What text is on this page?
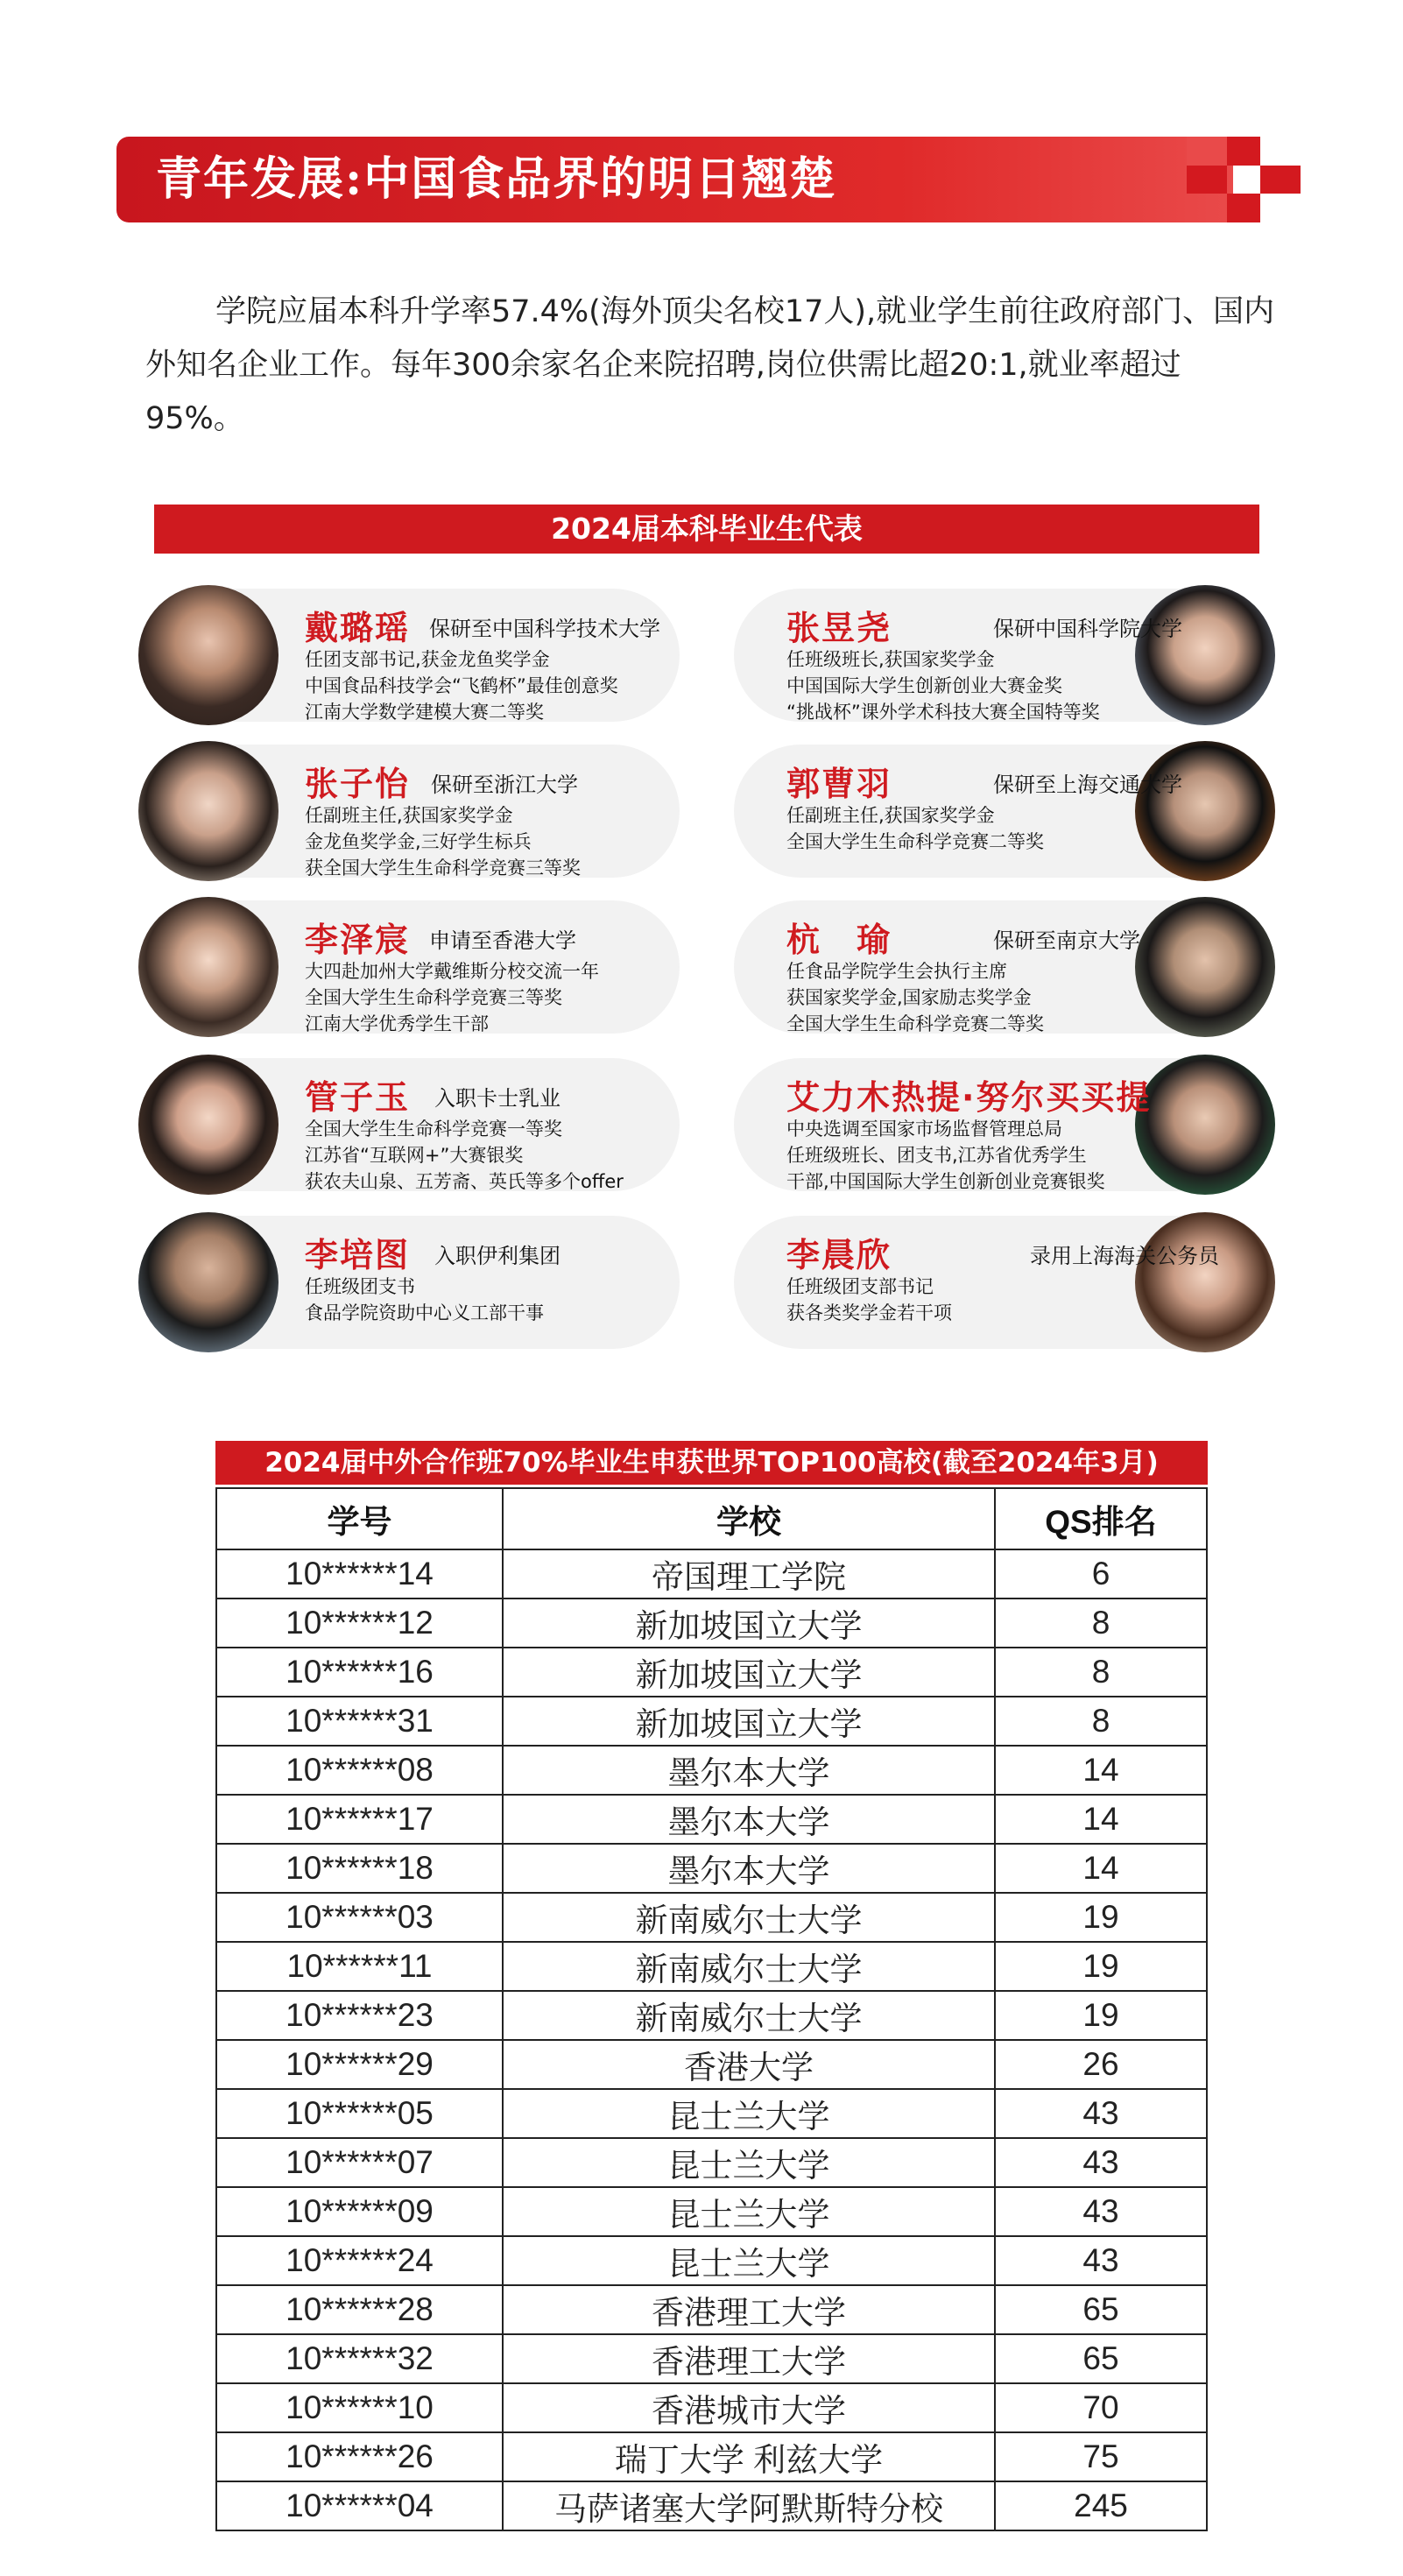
青年发展:中国食品界的明日翘楚
学院应届本科升学率57.4%(海外顶尖名校17人),就业学生前往政府部门、国内外知名企业工作。每年300余家名企来院招聘,岗位供需比超20:1,就业率超过95%。
2024届本科毕业生代表
戴璐瑶 保研至中国科学技术大学
任团支部书记,获金龙鱼奖学金
中国食品科技学会“飞鹤杯”最佳创意奖
江南大学数学建模大赛二等奖
张昱尧	保研中国科学院大学
任班级班长,获国家奖学金
中国国际大学生创新创业大赛金奖
“挑战杯”课外学术科技大赛全国特等奖
张子怡 保研至浙江大学
任副班主任,获国家奖学金
金龙鱼奖学金,三好学生标兵
获全国大学生生命科学竞赛三等奖
郭曹羽	保研至上海交通大学
任副班主任,获国家奖学金
全国大学生生命科学竞赛二等奖
李泽宸 申请至香港大学
大四赴加州大学戴维斯分校交流一年
全国大学生生命科学竞赛三等奖
江南大学优秀学生干部
杭　瑜	保研至南京大学
任食品学院学生会执行主席
获国家奖学金,国家励志奖学金
全国大学生生命科学竞赛二等奖
管子玉 入职卡士乳业
全国大学生生命科学竞赛一等奖
江苏省“互联网+”大赛银奖
获农夫山泉、五芳斋、英氏等多个offer
艾力木热提·努尔买买提
中央选调至国家市场监督管理总局
任班级班长、团支书,江苏省优秀学生
干部,中国国际大学生创新创业竞赛银奖
李培图 入职伊利集团
任班级团支书
食品学院资助中心义工部干事
李晨欣	录用上海海关公务员
任班级团支部书记
获各类奖学金若干项
2024届中外合作班70%毕业生申获世界TOP100高校(截至2024年3月)
学号	学校	QS排名
10******14	帝国理工学院	6
10******12	新加坡国立大学	8
10******16	新加坡国立大学	8
10******31	新加坡国立大学	8
10******08	墨尔本大学	14
10******17	墨尔本大学	14
10******18	墨尔本大学	14
10******03	新南威尔士大学	19
10******11	新南威尔士大学	19
10******23	新南威尔士大学	19
10******29	香港大学	26
10******05	昆士兰大学	43
10******07	昆士兰大学	43
10******09	昆士兰大学	43
10******24	昆士兰大学	43
10******28	香港理工大学	65
10******32	香港理工大学	65
10******10	香港城市大学	70
10******26	瑞丁大学 利兹大学	75
10******04	马萨诸塞大学阿默斯特分校	245
